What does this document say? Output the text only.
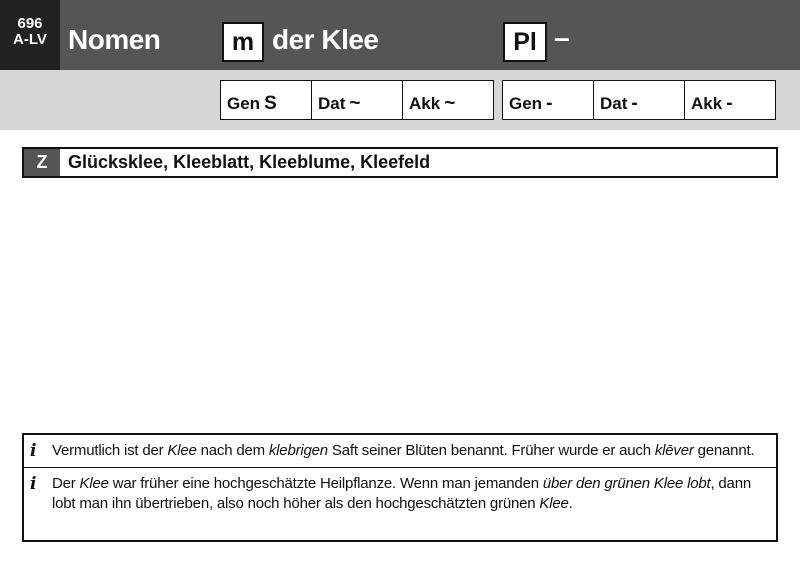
696
A-LV Nomen	m der Klee	Pl –
Gen S	Dat ~	Akk ~	Gen -	Dat -	Akk -
Z	Glücksklee, Kleeblatt, Kleeblume, Kleefeld
i	Vermutlich ist der Klee nach dem klebrigen Saft seiner Blüten benannt. Früher wurde er auch klēver genannt.
i	Der Klee war früher eine hochgeschätzte Heilpflanze. Wenn man jemanden über den grünen Klee lobt, dann lobt man ihn übertrieben, also noch höher als den hochgeschätzten grünen Klee.
